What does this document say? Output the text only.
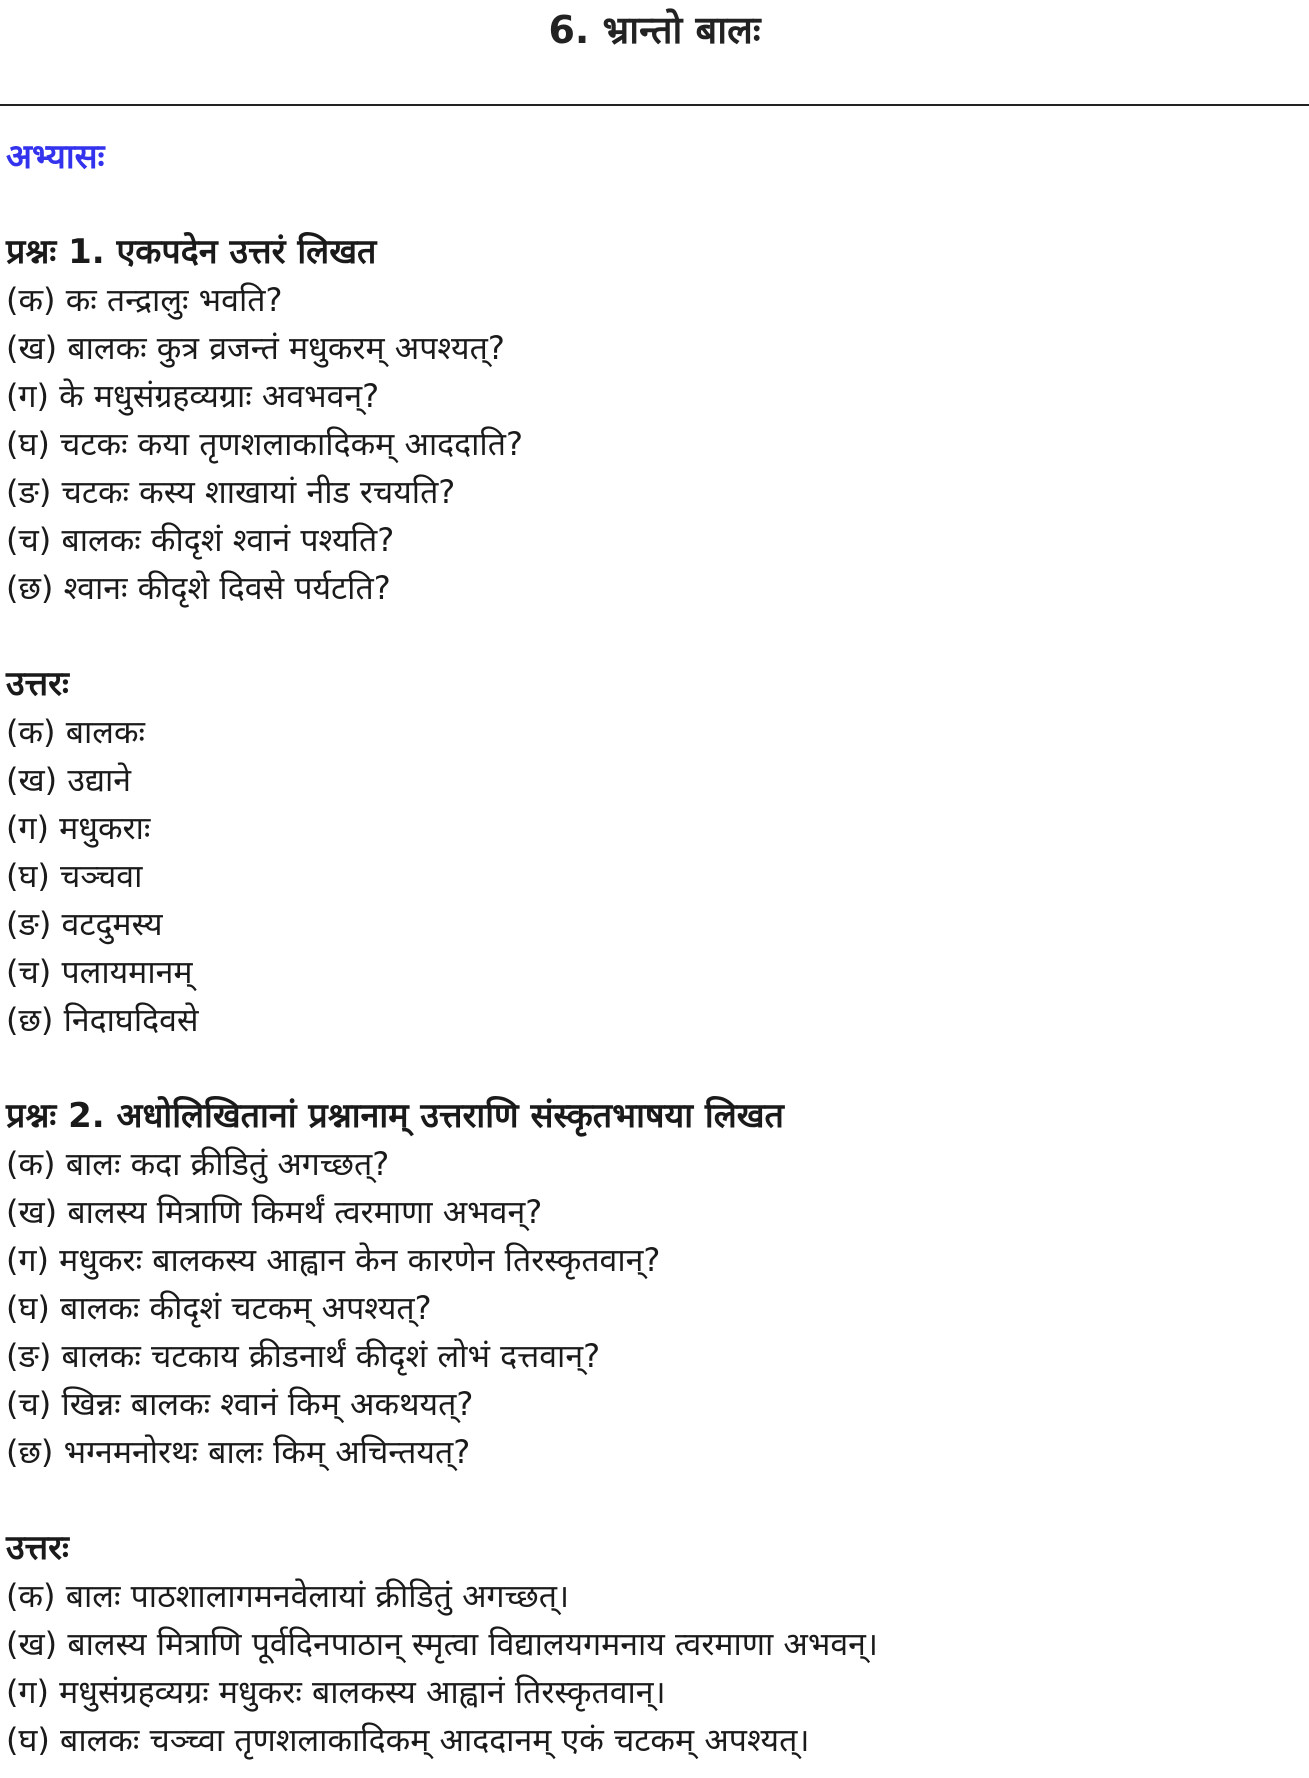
6. भ्रान्तो बालः
अभ्यासः
प्रश्नः 1. एकपदेन उत्तरं लिखत
(क) कः तन्द्रालुः भवति?
(ख) बालकः कुत्र व्रजन्तं मधुकरम् अपश्यत्?
(ग) के मधुसंग्रहव्यग्राः अवभवन्?
(घ) चटकः कया तृणशलाकादिकम् आददाति?
(ङ) चटकः कस्य शाखायां नीड रचयति?
(च) बालकः कीदृशं श्वानं पश्यति?
(छ) श्वानः कीदृशे दिवसे पर्यटति?
उत्तरः
(क) बालकः
(ख) उद्याने
(ग) मधुकराः
(घ) चञ्चवा
(ङ) वटदुमस्य
(च) पलायमानम्
(छ) निदाघदिवसे
प्रश्नः 2. अधोलिखितानां प्रश्नानाम् उत्तराणि संस्कृतभाषया लिखत
(क) बालः कदा क्रीडितुं अगच्छत्?
(ख) बालस्य मित्राणि किमर्थं त्वरमाणा अभवन्?
(ग) मधुकरः बालकस्य आह्वान केन कारणेन तिरस्कृतवान्?
(घ) बालकः कीदृशं चटकम् अपश्यत्?
(ङ) बालकः चटकाय क्रीडनार्थं कीदृशं लोभं दत्तवान्?
(च) खिन्नः बालकः श्वानं किम् अकथयत्?
(छ) भग्नमनोरथः बालः किम् अचिन्तयत्?
उत्तरः
(क) बालः पाठशालागमनवेलायां क्रीडितुं अगच्छत्।
(ख) बालस्य मित्राणि पूर्वदिनपाठान् स्मृत्वा विद्यालयगमनाय त्वरमाणा अभवन्।
(ग) मधुसंग्रहव्यग्रः मधुकरः बालकस्य आह्वानं तिरस्कृतवान्।
(घ) बालकः चञ्च्वा तृणशलाकादिकम् आददानम् एकं चटकम् अपश्यत्।
